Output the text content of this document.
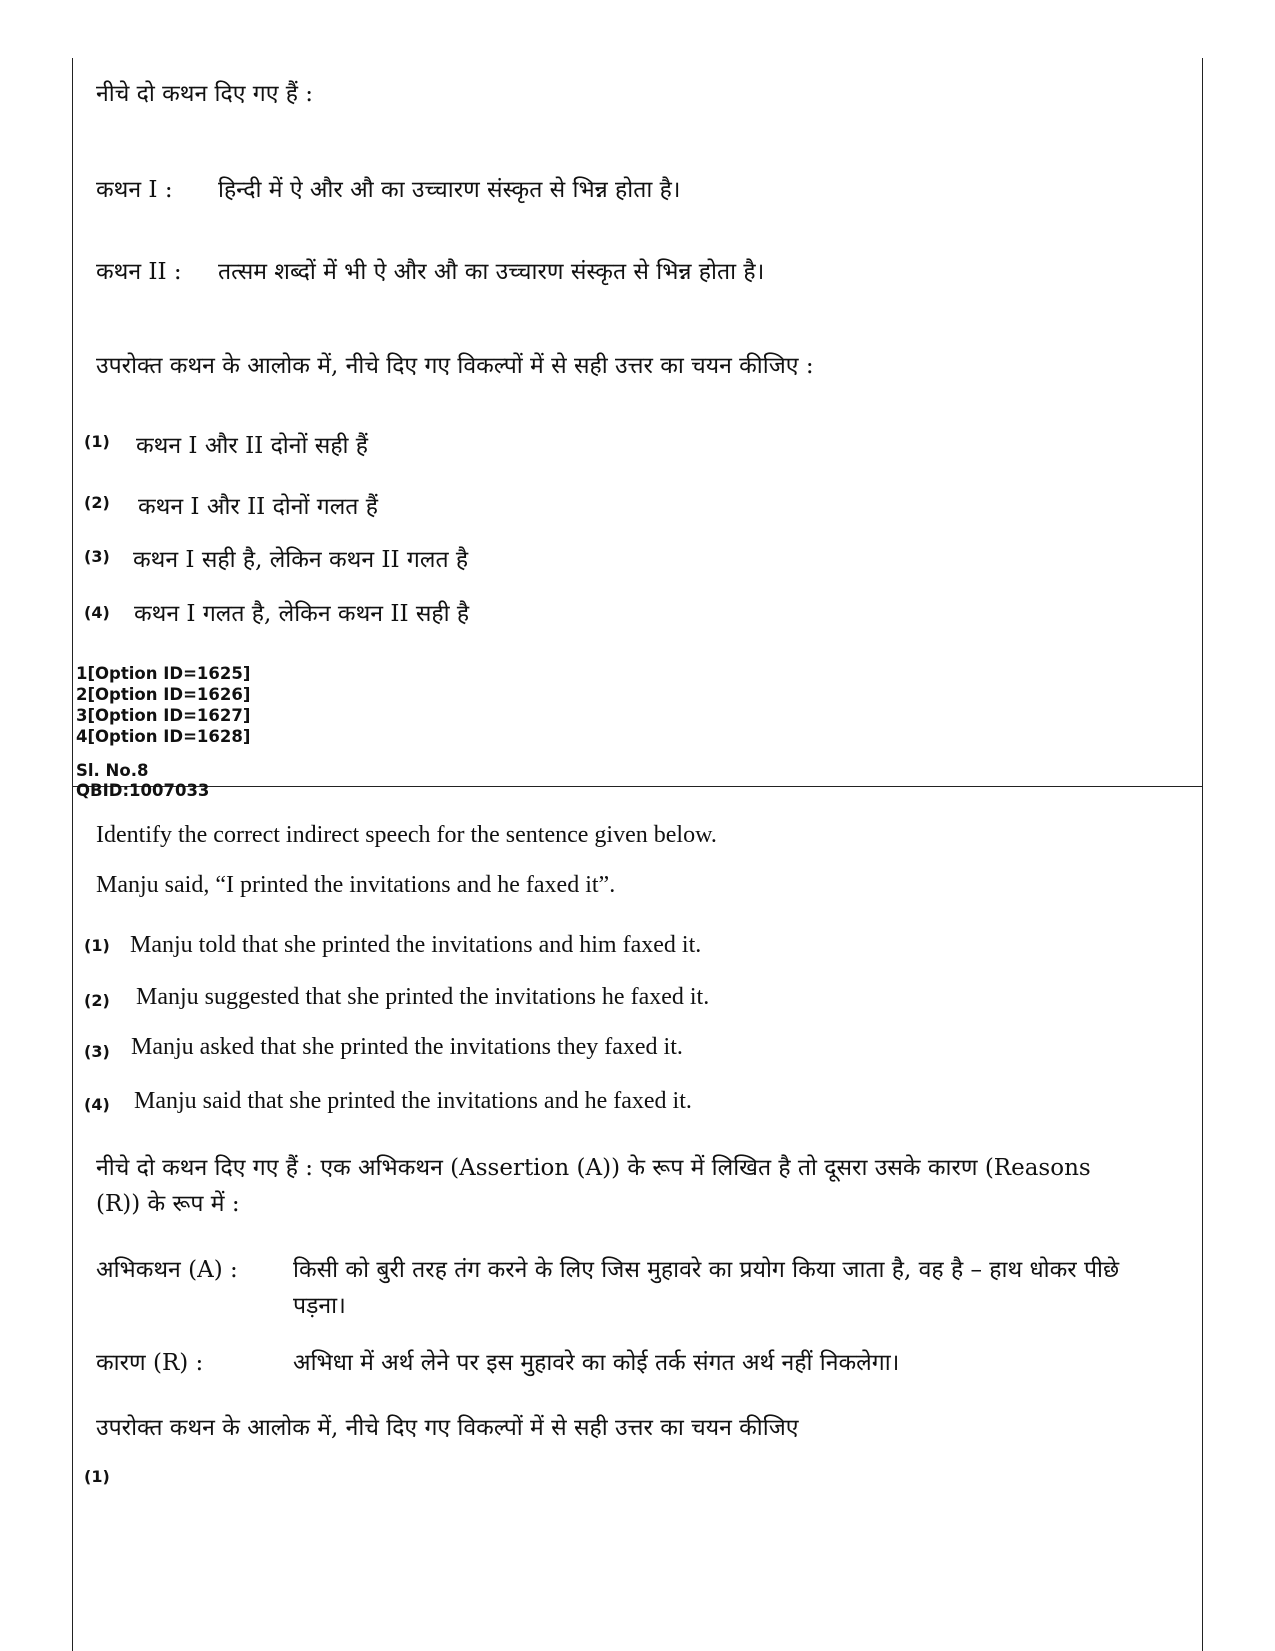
नीचे दो कथन दिए गए हैं :
कथन I : हिन्दी में ऐ और औ का उच्चारण संस्कृत से भिन्न होता है।
कथन II : तत्सम शब्दों में भी ऐ और औ का उच्चारण संस्कृत से भिन्न होता है।
उपरोक्त कथन के आलोक में, नीचे दिए गए विकल्पों में से सही उत्तर का चयन कीजिए :
(1) कथन I और II दोनों सही हैं
(2) कथन I और II दोनों गलत हैं
(3) कथन I सही है, लेकिन कथन II गलत है
(4) कथन I गलत है, लेकिन कथन II सही है
1[Option ID=1625]
2[Option ID=1626]
3[Option ID=1627]
4[Option ID=1628]
Sl. No.8
QBID:1007033
Identify the correct indirect speech for the sentence given below.
Manju said, “I printed the invitations and he faxed it”.
(1) Manju told that she printed the invitations and him faxed it.
(2) Manju suggested that she printed the invitations he faxed it.
(3) Manju asked that she printed the invitations they faxed it.
(4) Manju said that she printed the invitations and he faxed it.
नीचे दो कथन दिए गए हैं : एक अभिकथन (Assertion (A)) के रूप में लिखित है तो दूसरा उसके कारण (Reasons (R)) के रूप में :
अभिकथन (A) : किसी को बुरी तरह तंग करने के लिए जिस मुहावरे का प्रयोग किया जाता है, वह है – हाथ धोकर पीछे पड़ना।
कारण (R) :	अभिधा में अर्थ लेने पर इस मुहावरे का कोई तर्क संगत अर्थ नहीं निकलेगा।
उपरोक्त कथन के आलोक में, नीचे दिए गए विकल्पों में से सही उत्तर का चयन कीजिए
(1)
